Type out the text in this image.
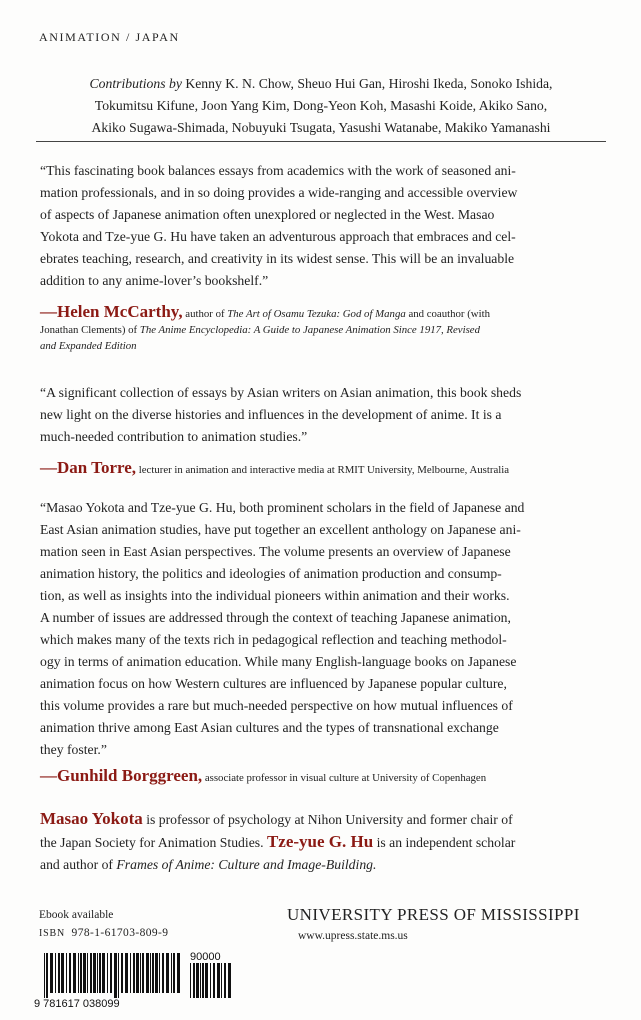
ANIMATION / JAPAN
Contributions by Kenny K. N. Chow, Sheuo Hui Gan, Hiroshi Ikeda, Sonoko Ishida,
Tokumitsu Kifune, Joon Yang Kim, Dong-Yeon Koh, Masashi Koide, Akiko Sano,
Akiko Sugawa-Shimada, Nobuyuki Tsugata, Yasushi Watanabe, Makiko Yamanashi
“This fascinating book balances essays from academics with the work of seasoned ani-
mation professionals, and in so doing provides a wide-ranging and accessible overview
of aspects of Japanese animation often unexplored or neglected in the West. Masao
Yokota and Tze-yue G. Hu have taken an adventurous approach that embraces and cel-
ebrates teaching, research, and creativity in its widest sense. This will be an invaluable
addition to any anime-lover’s bookshelf.”
—Helen McCarthy, author of The Art of Osamu Tezuka: God of Manga and coauthor (with
Jonathan Clements) of The Anime Encyclopedia: A Guide to Japanese Animation Since 1917, Revised
and Expanded Edition
“A significant collection of essays by Asian writers on Asian animation, this book sheds
new light on the diverse histories and influences in the development of anime. It is a
much-needed contribution to animation studies.”
—Dan Torre, lecturer in animation and interactive media at RMIT University, Melbourne, Australia
“Masao Yokota and Tze-yue G. Hu, both prominent scholars in the field of Japanese and
East Asian animation studies, have put together an excellent anthology on Japanese ani-
mation seen in East Asian perspectives. The volume presents an overview of Japanese
animation history, the politics and ideologies of animation production and consump-
tion, as well as insights into the individual pioneers within animation and their works.
A number of issues are addressed through the context of teaching Japanese animation,
which makes many of the texts rich in pedagogical reflection and teaching methodol-
ogy in terms of animation education. While many English-language books on Japanese
animation focus on how Western cultures are influenced by Japanese popular culture,
this volume provides a rare but much-needed perspective on how mutual influences of
animation thrive among East Asian cultures and the types of transnational exchange
they foster.”
—Gunhild Borggreen, associate professor in visual culture at University of Copenhagen
Masao Yokota is professor of psychology at Nihon University and former chair of
the Japan Society for Animation Studies. Tze-yue G. Hu is an independent scholar
and author of Frames of Anime: Culture and Image-Building.
Ebook available
ISBN 978-1-61703-809-9
UNIVERSITY PRESS OF MISSISSIPPI
www.upress.state.ms.us
9 781617 038099
90000
